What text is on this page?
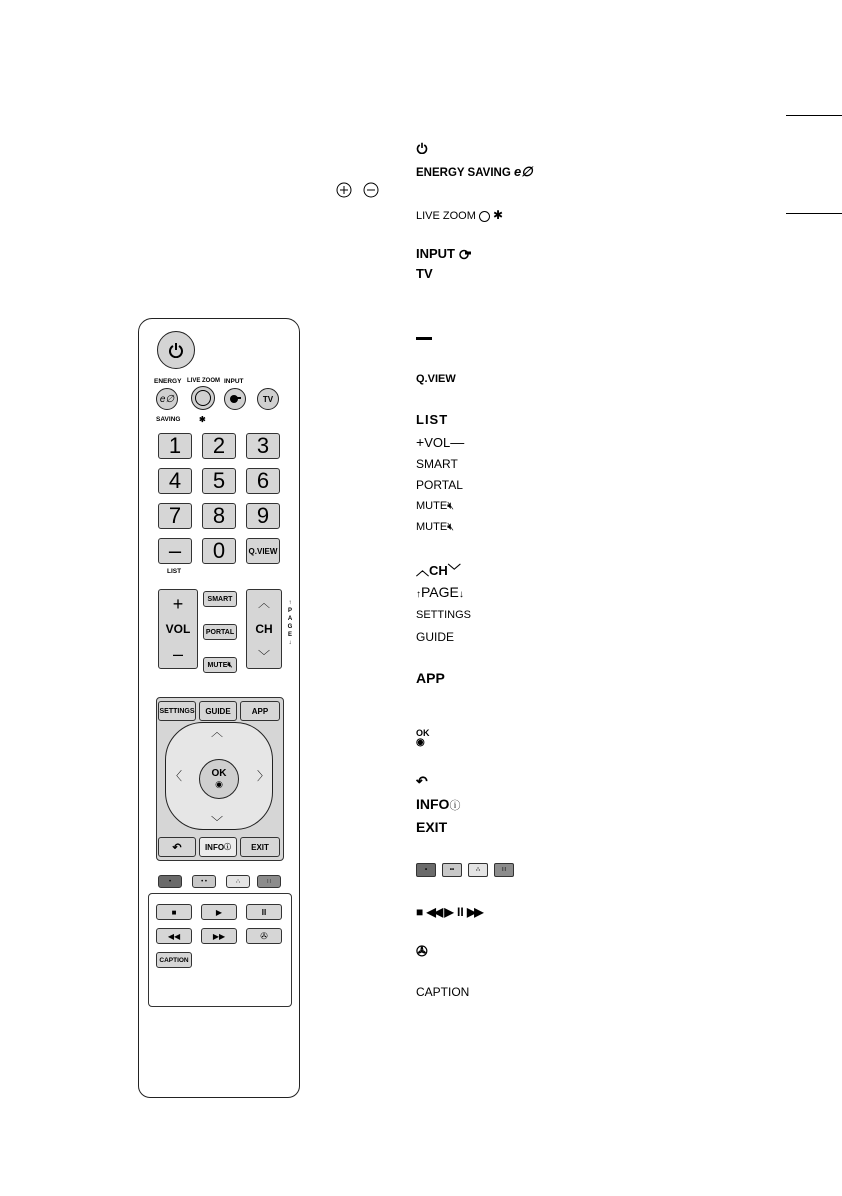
ENERGY LIVE ZOOM INPUT
e∅	TV
SAVING ✱
1	2	3
4	5	6
7	8	9
–	0	Q.VIEW
LIST
+
VOL
–
SMART
PORTAL
MUTE 🔇︎
︿
CH
﹀
↑
P
A
G
E
↓
SETTINGS	GUIDE	APP
︿
﹀
〈	〉
OK
◉
↶	INFO ⓘ	EXIT
•	• •	∴	∷
■	▶	II
◀◀	▶▶	✇
CAPTION
ENERGY SAVING e∅
LIVE ZOOM ✱
INPUT
TV
Q.VIEW
LIST
+VOL—
SMART
PORTAL
MUTE🔇︎
MUTE🔇︎
︿CH﹀
↑PAGE↓
SETTINGS
GUIDE
APP
OK
◉
↶
INFOⓘ
EXIT
•	••	∴	∷
■ ◀◀ ▶ II ▶▶
✇
CAPTION
